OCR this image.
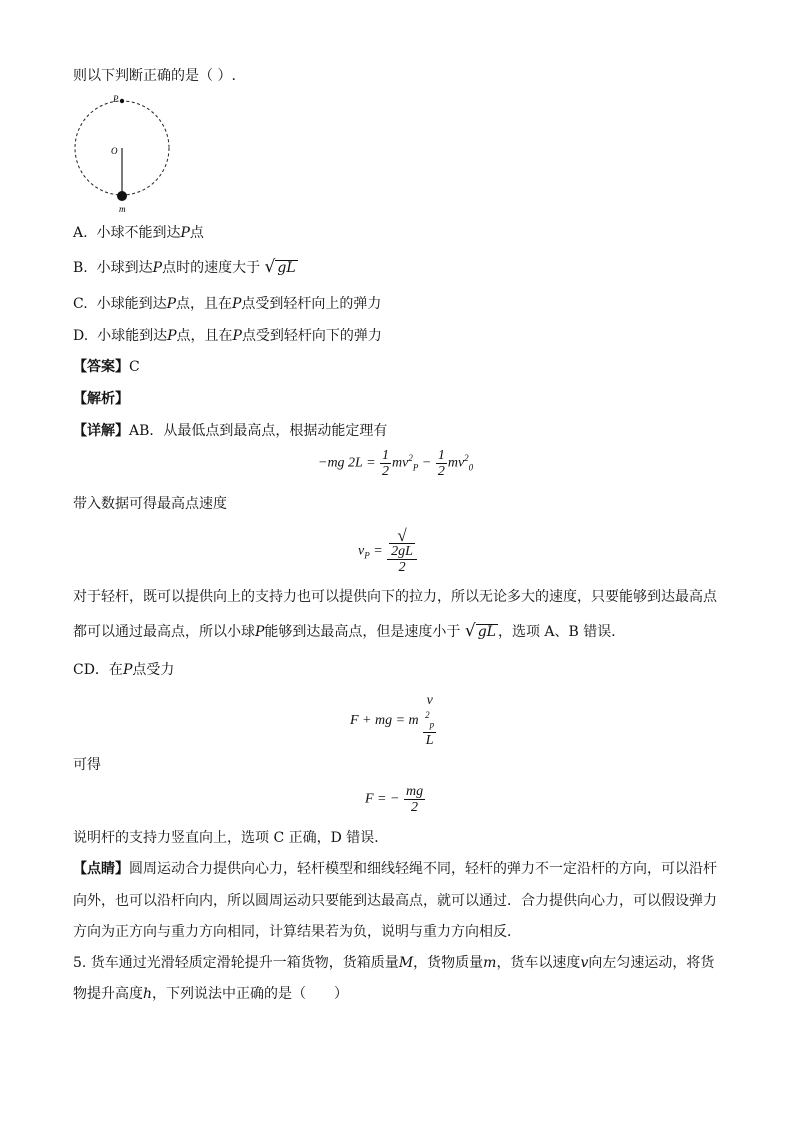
则以下判断正确的是（ ）.
P
O
m
A. 小球不能到达P点
B. 小球到达P点时的速度大于 √ gL
C. 小球能到达P点，且在P点受到轻杆向上的弹力
D. 小球能到达P点，且在P点受到轻杆向下的弹力
【答案】C
【解析】
【详解】AB．从最低点到最高点，根据动能定理有
−mg $2L = \frac{1}{2} mv^2_P - \frac{1}{2} mv^2_0$
带入数据可得最高点速度
$v_P$ = √
2gL
2
对于轻杆，既可以提供向上的支持力也可以提供向下的拉力，所以无论多大的速度，只要能够到达最高点
都可以通过最高点，所以小球P能够到达最高点，但是速度小于 √ gL ，选项 A、B 错误．
CD．在P点受力
F + mg = m v
$^2_p$
L
可得
F = − $\frac{mg}{2}$
说明杆的支持力竖直向上，选项 C 正确，D 错误．
【点睛】圆周运动合力提供向心力，轻杆模型和细线轻绳不同，轻杆的弹力不一定沿杆的方向，可以沿杆
向外，也可以沿杆向内，所以圆周运动只要能到达最高点，就可以通过．合力提供向心力，可以假设弹力
方向为正方向与重力方向相同，计算结果若为负，说明与重力方向相反．
5. 货车通过光滑轻质定滑轮提升一箱货物，货箱质量M，货物质量m，货车以速度v向左匀速运动，将货
物提升高度h，下列说法中正确的是（　　）
